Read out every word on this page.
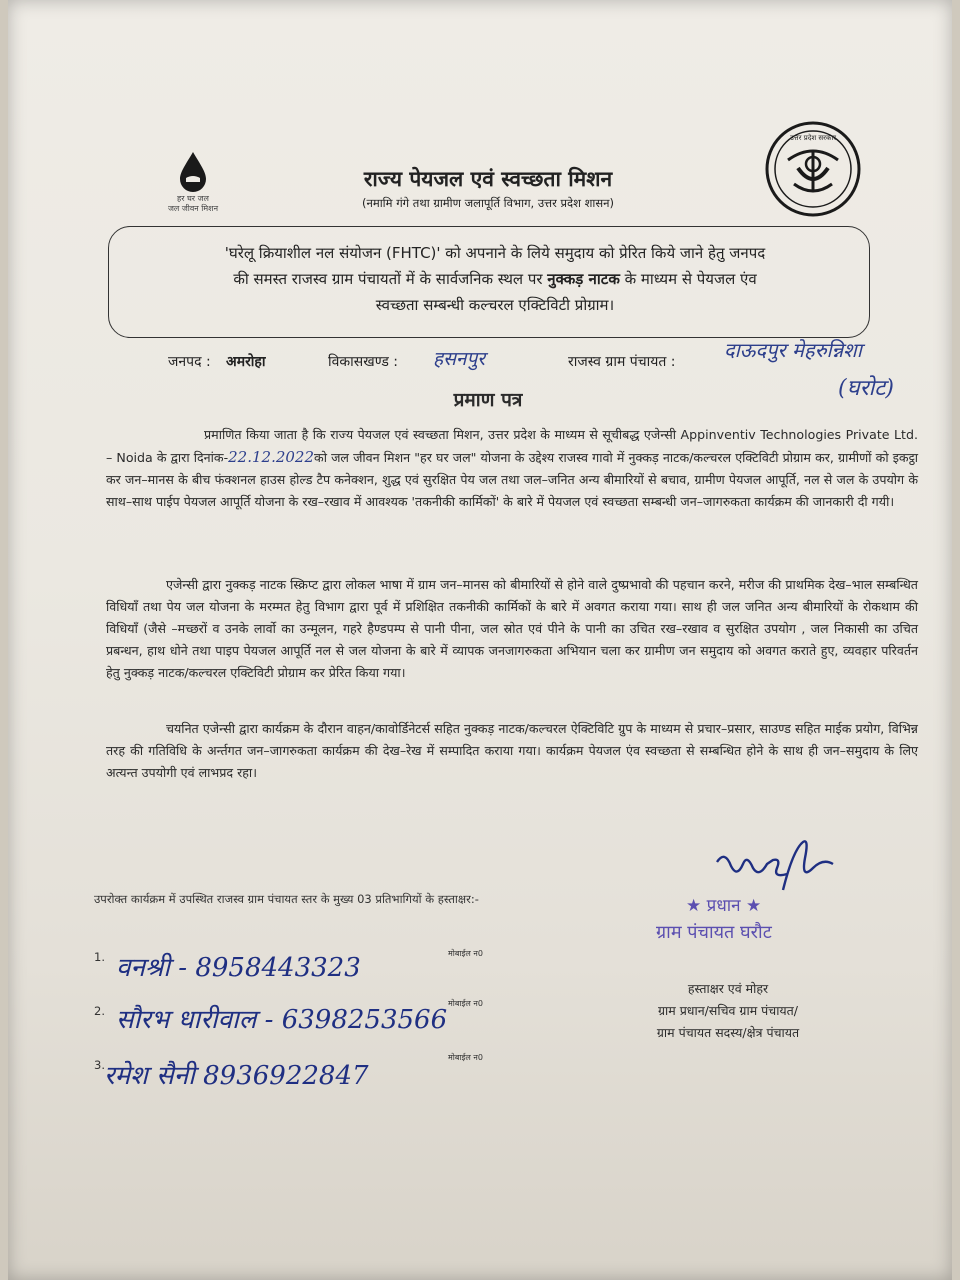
हर घर जल
जल जीवन मिशन
राज्य पेयजल एवं स्वच्छता मिशन
(नमामि गंगे तथा ग्रामीण जलापूर्ति विभाग, उत्तर प्रदेश शासन)
उत्तर प्रदेश सरकार
'घरेलू क्रियाशील नल संयोजन (FHTC)' को अपनाने के लिये समुदाय को प्रेरित किये जाने हेतु जनपद
की समस्त राजस्व ग्राम पंचायतों में के सार्वजनिक स्थल पर नुक्कड़ नाटक के माध्यम से पेयजल एंव
स्वच्छता सम्बन्धी कल्चरल एक्टिविटी प्रोग्राम।
जनपद : अमरोहा	विकासखण्ड : हसनपुर	राजस्व ग्राम पंचायत : दाऊदपुर मेहरुन्निशा
(घरोट)
प्रमाण पत्र
प्रमाणित किया जाता है कि राज्य पेयजल एवं स्वच्छता मिशन, उत्तर प्रदेश के माध्यम से सूचीबद्ध एजेन्सी Appinventiv Technologies Private Ltd. – Noida के द्वारा दिनांक-22.12.2022को जल जीवन मिशन "हर घर जल" योजना के उद्देश्य राजस्व गावो में नुक्कड़ नाटक/कल्चरल एक्टिविटी प्रोग्राम कर, ग्रामीणों को इकट्ठा कर जन–मानस के बीच फंक्शनल हाउस होल्ड टैप कनेक्शन, शुद्ध एवं सुरक्षित पेय जल तथा जल–जनित अन्य बीमारियों से बचाव, ग्रामीण पेयजल आपूर्ति, नल से जल के उपयोग के साथ–साथ पाईप पेयजल आपूर्ति योजना के रख–रखाव में आवश्यक 'तकनीकी कार्मिकों' के बारे में पेयजल एवं स्वच्छता सम्बन्धी जन–जागरुकता कार्यक्रम की जानकारी दी गयी।
एजेन्सी द्वारा नुक्कड़ नाटक स्क्रिप्ट द्वारा लोकल भाषा में ग्राम जन–मानस को बीमारियों से होने वाले दुष्प्रभावो की पहचान करने, मरीज की प्राथमिक देख–भाल सम्बन्धित विधियाँ तथा पेय जल योजना के मरम्मत हेतु विभाग द्वारा पूर्व में प्रशिक्षित तकनीकी कार्मिकों के बारे में अवगत कराया गया। साथ ही जल जनित अन्य बीमारियों के रोकथाम की विधियाँ (जैसे –मच्छरों व उनके लार्वो का उन्मूलन, गहरे हैण्डपम्प से पानी पीना, जल स्रोत एवं पीने के पानी का उचित रख–रखाव व सुरक्षित उपयोग , जल निकासी का उचित प्रबन्धन, हाथ धोने तथा पाइप पेयजल आपूर्ति नल से जल योजना के बारे में व्यापक जनजागरुकता अभियान चला कर ग्रामीण जन समुदाय को अवगत कराते हुए, व्यवहार परिवर्तन हेतु नुक्कड़ नाटक/कल्चरल एक्टिविटी प्रोग्राम कर प्रेरित किया गया।
चयनित एजेन्सी द्वारा कार्यक्रम के दौरान वाहन/कावोर्डिनेटर्स सहित नुक्कड़ नाटक/कल्चरल ऐक्टिविटि ग्रुप के माध्यम से प्रचार–प्रसार, साउण्ड सहित माईक प्रयोग, विभिन्न तरह की गतिविधि के अर्न्तगत जन–जागरुकता कार्यक्रम की देख–रेख में सम्पादित कराया गया। कार्यक्रम पेयजल एंव स्वच्छता से सम्बन्धित होने के साथ ही जन–समुदाय के लिए अत्यन्त उपयोगी एवं लाभप्रद रहा।
उपरोक्त कार्यक्रम में उपस्थित राजस्व ग्राम पंचायत स्तर के मुख्य 03 प्रतिभागियों के हस्ताक्षर:-
1.	मोबाईल न0
वनश्री - 8958443323
2.
मोबाईल न0
सौरभ धारीवाल - 6398253566
3.
मोबाईल न0
रमेश सैनी 8936922847
★ प्रधान ★
ग्राम पंचायत घरौट
हस्ताक्षर एवं मोहर
ग्राम प्रधान/सचिव ग्राम पंचायत/
ग्राम पंचायत सदस्य/क्षेत्र पंचायत
